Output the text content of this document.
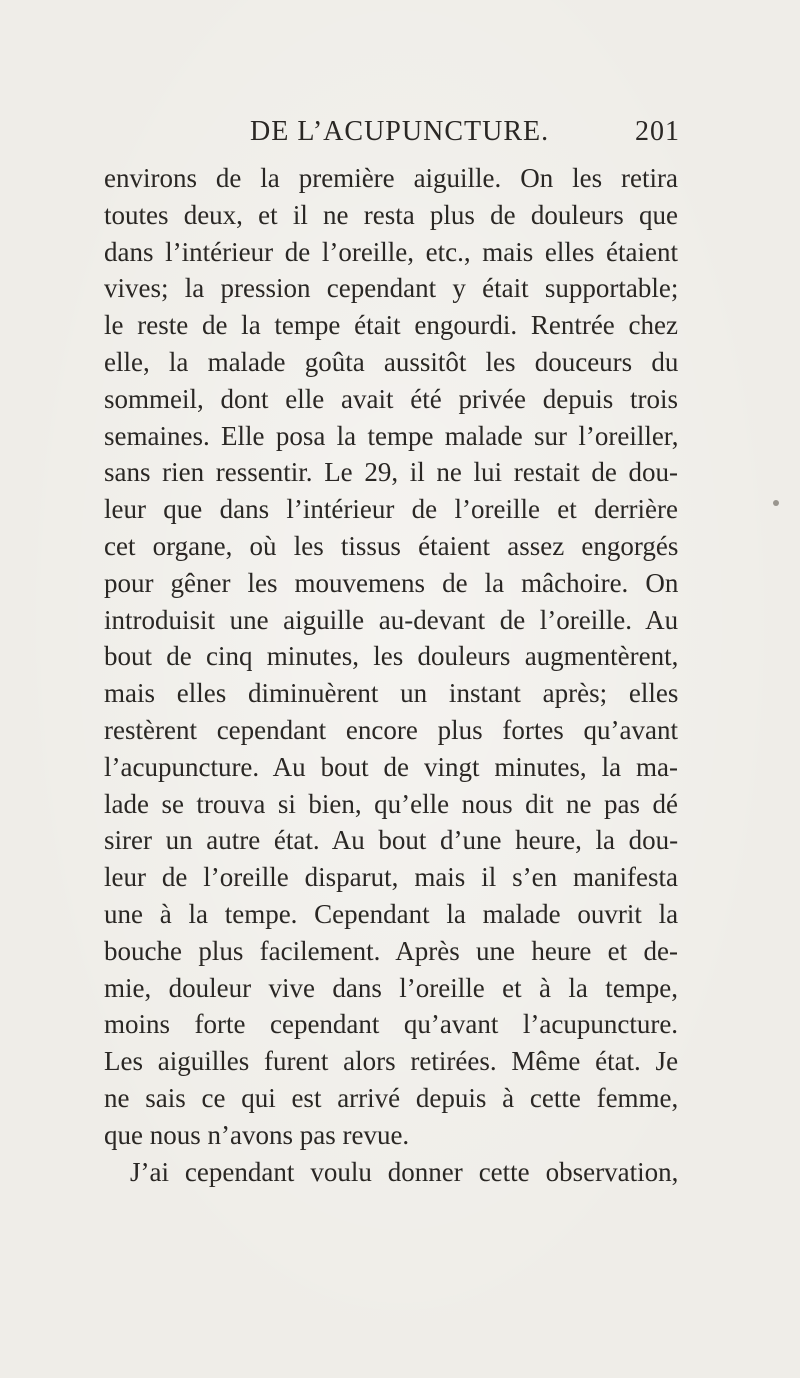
DE L’ACUPUNCTURE.	201
environs de la première aiguille. On les retira
toutes deux, et il ne resta plus de douleurs que
dans l’intérieur de l’oreille, etc., mais elles étaient
vives; la pression cependant y était supportable;
le reste de la tempe était engourdi. Rentrée chez
elle, la malade goûta aussitôt les douceurs du
sommeil, dont elle avait été privée depuis trois
semaines. Elle posa la tempe malade sur l’oreiller,
sans rien ressentir. Le 29, il ne lui restait de dou-
leur que dans l’intérieur de l’oreille et derrière
cet organe, où les tissus étaient assez engorgés
pour gêner les mouvemens de la mâchoire. On
introduisit une aiguille au-devant de l’oreille. Au
bout de cinq minutes, les douleurs augmentèrent,
mais elles diminuèrent un instant après; elles
restèrent cependant encore plus fortes qu’avant
l’acupuncture. Au bout de vingt minutes, la ma-
lade se trouva si bien, qu’elle nous dit ne pas dé
sirer un autre état. Au bout d’une heure, la dou-
leur de l’oreille disparut, mais il s’en manifesta
une à la tempe. Cependant la malade ouvrit la
bouche plus facilement. Après une heure et de-
mie, douleur vive dans l’oreille et à la tempe,
moins forte cependant qu’avant l’acupuncture.
Les aiguilles furent alors retirées. Même état. Je
ne sais ce qui est arrivé depuis à cette femme,
que nous n’avons pas revue.
J’ai cependant voulu donner cette observation,
